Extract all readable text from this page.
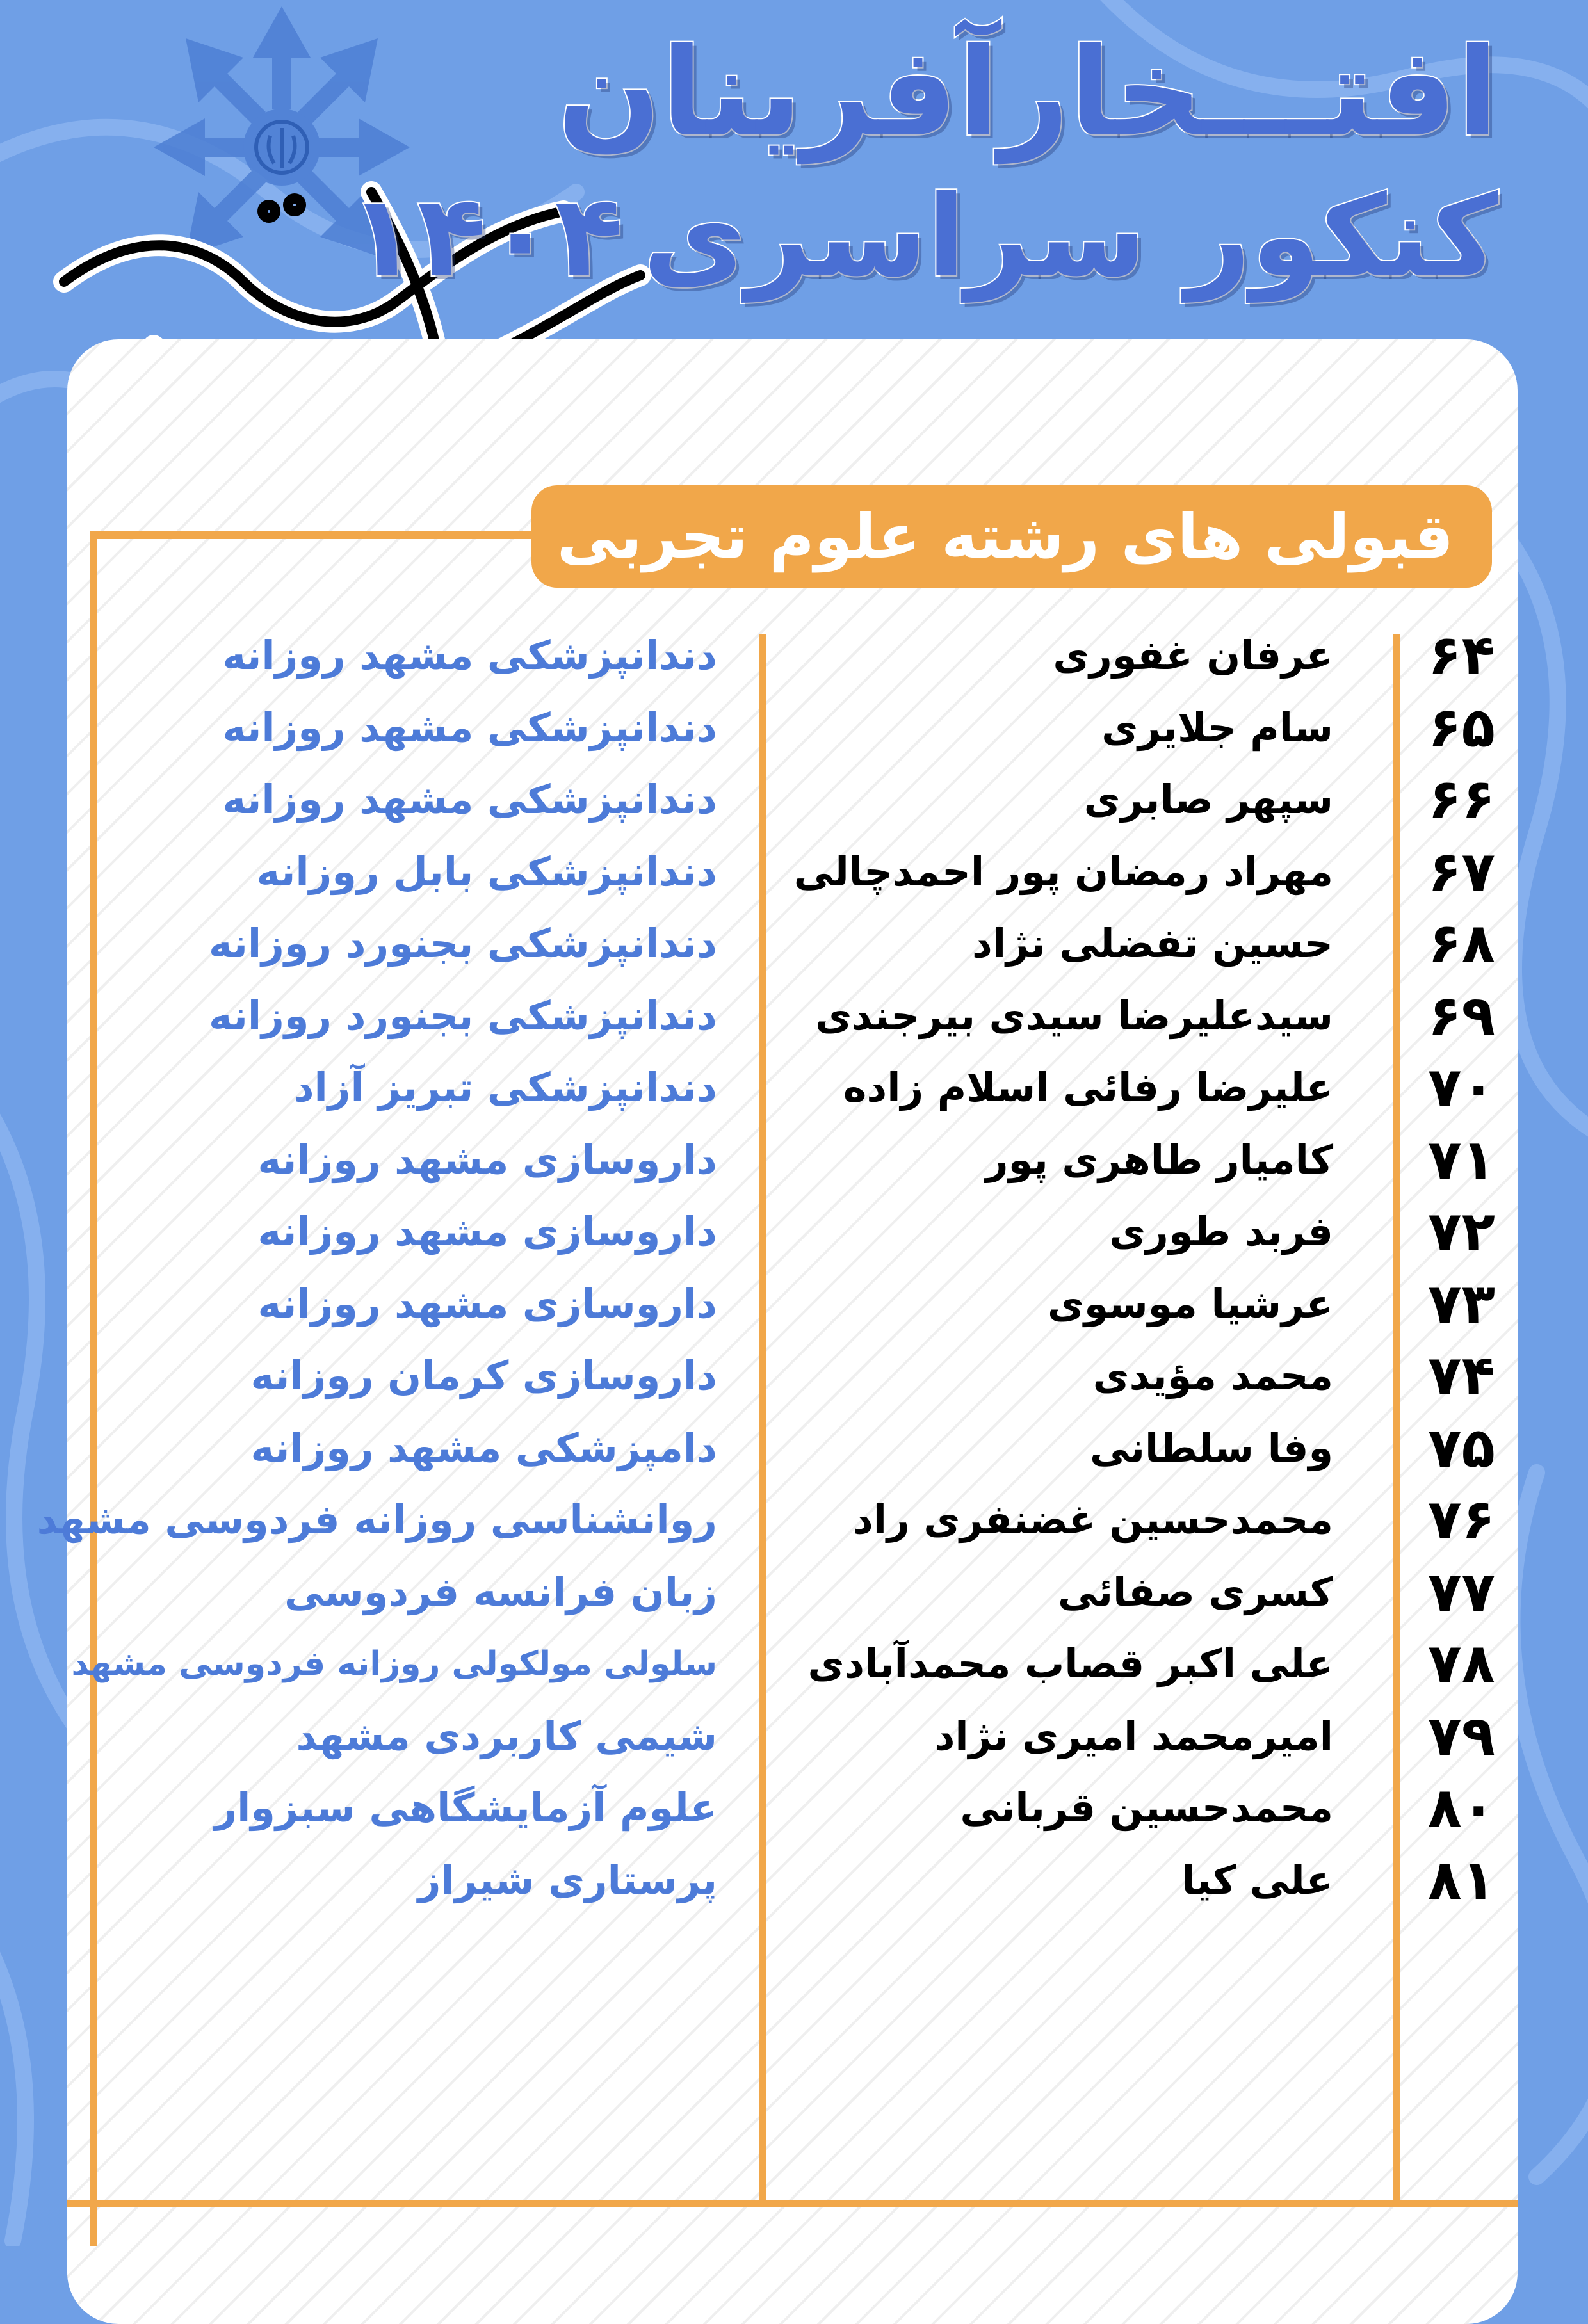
افتـــخارآفرینان
کنکور سراسری۱۴۰۴
قبولی های رشته علوم تجربی
۶۴
عرفان غفوری
دندانپزشکی مشهد روزانه
۶۵
سام جلایری
دندانپزشکی مشهد روزانه
۶۶
سپهر صابری
دندانپزشکی مشهد روزانه
۶۷
مهراد رمضان پور احمدچالی
دندانپزشکی بابل روزانه
۶۸
حسین تفضلی نژاد
دندانپزشکی بجنورد روزانه
۶۹
سیدعلیرضا سیدی بیرجندی
دندانپزشکی بجنورد روزانه
۷۰
علیرضا رفائی اسلام زاده
دندانپزشکی تبریز آزاد
۷۱
کامیار طاهری پور
داروسازی مشهد روزانه
۷۲
فربد طوری
داروسازی مشهد روزانه
۷۳
عرشیا موسوی
داروسازی مشهد روزانه
۷۴
محمد مؤیدی
داروسازی کرمان روزانه
۷۵
وفا سلطانی
دامپزشکی مشهد روزانه
۷۶
محمدحسین غضنفری راد
روانشناسی روزانه فردوسی مشهد
۷۷
کسری صفائی
زبان فرانسه فردوسی
۷۸
علی اکبر قصاب محمدآبادی
سلولی مولکولی روزانه فردوسی مشهد
۷۹
امیرمحمد امیری نژاد
شیمی کاربردی مشهد
۸۰
محمدحسین قربانی
علوم آزمایشگاهی سبزوار
۸۱
علی کیا
پرستاری شیراز
